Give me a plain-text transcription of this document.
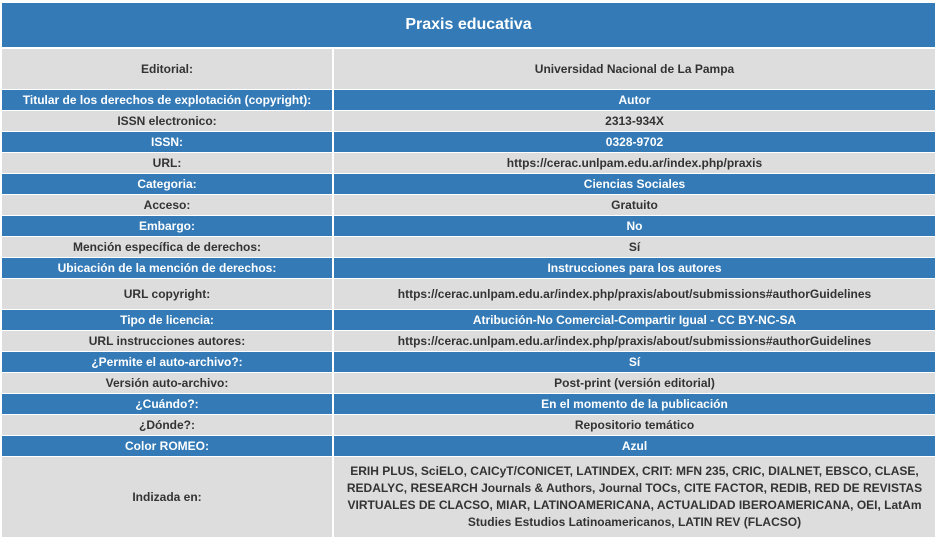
Praxis educativa
Editorial:		Universidad Nacional de La Pampa
Titular de los derechos de explotación (copyright):		Autor
ISSN electronico:		2313-934X
ISSN:		0328-9702
URL:		https://cerac.unlpam.edu.ar/index.php/praxis
Categoria:		Ciencias Sociales
Acceso:		Gratuito
Embargo:		No
Mención específica de derechos:		Sí
Ubicación de la mención de derechos:		Instrucciones para los autores
URL copyright:		https://cerac.unlpam.edu.ar/index.php/praxis/about/submissions#authorGuidelines
Tipo de licencia:		Atribución-No Comercial-Compartir Igual - CC BY-NC-SA
URL instrucciones autores:		https://cerac.unlpam.edu.ar/index.php/praxis/about/submissions#authorGuidelines
¿Permite el auto-archivo?:		Sí
Versión auto-archivo:		Post-print (versión editorial)
¿Cuándo?:		En el momento de la publicación
¿Dónde?:		Repositorio temático
Color ROMEO:		Azul
Indizada en:		ERIH PLUS, SciELO, CAICyT/CONICET, LATINDEX, CRIT: MFN 235, CRIC, DIALNET, EBSCO, CLASE, REDALYC, RESEARCH Journals & Authors, Journal TOCs, CITE FACTOR, REDIB, RED DE REVISTAS VIRTUALES DE CLACSO, MIAR, LATINOAMERICANA, ACTUALIDAD IBEROAMERICANA, OEI, LatAm Studies Estudios Latinoamericanos, LATIN REV (FLACSO)
